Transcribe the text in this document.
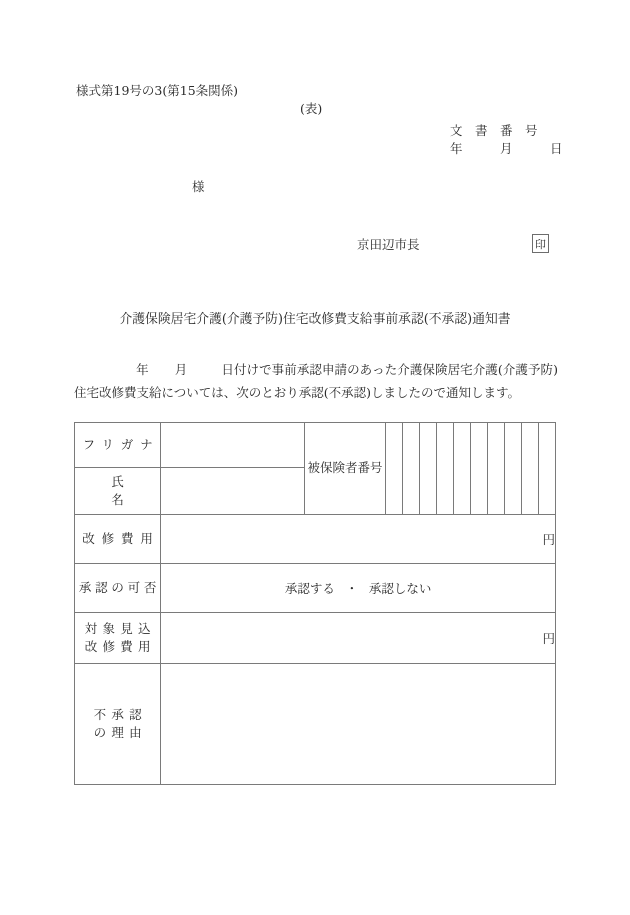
様式第19号の3(第15条関係)
(表)
文　書　番　号
年　　　月　　　日
様
京田辺市長	印
介護保険居宅介護(介護予防)住宅改修費支給事前承認(不承認)通知書
年 月	日付けで事前承認申請のあった介護保険居宅介護(介護予防)住宅改修費支給については、次のとおり承認(不承認)しましたので通知します。
フリガナ		被保険者番号										
氏名												
改修費用	円											
承認の可否	承認する ・ 承認しない											

対象見込
改修費用	円											

不承認
の理由												
